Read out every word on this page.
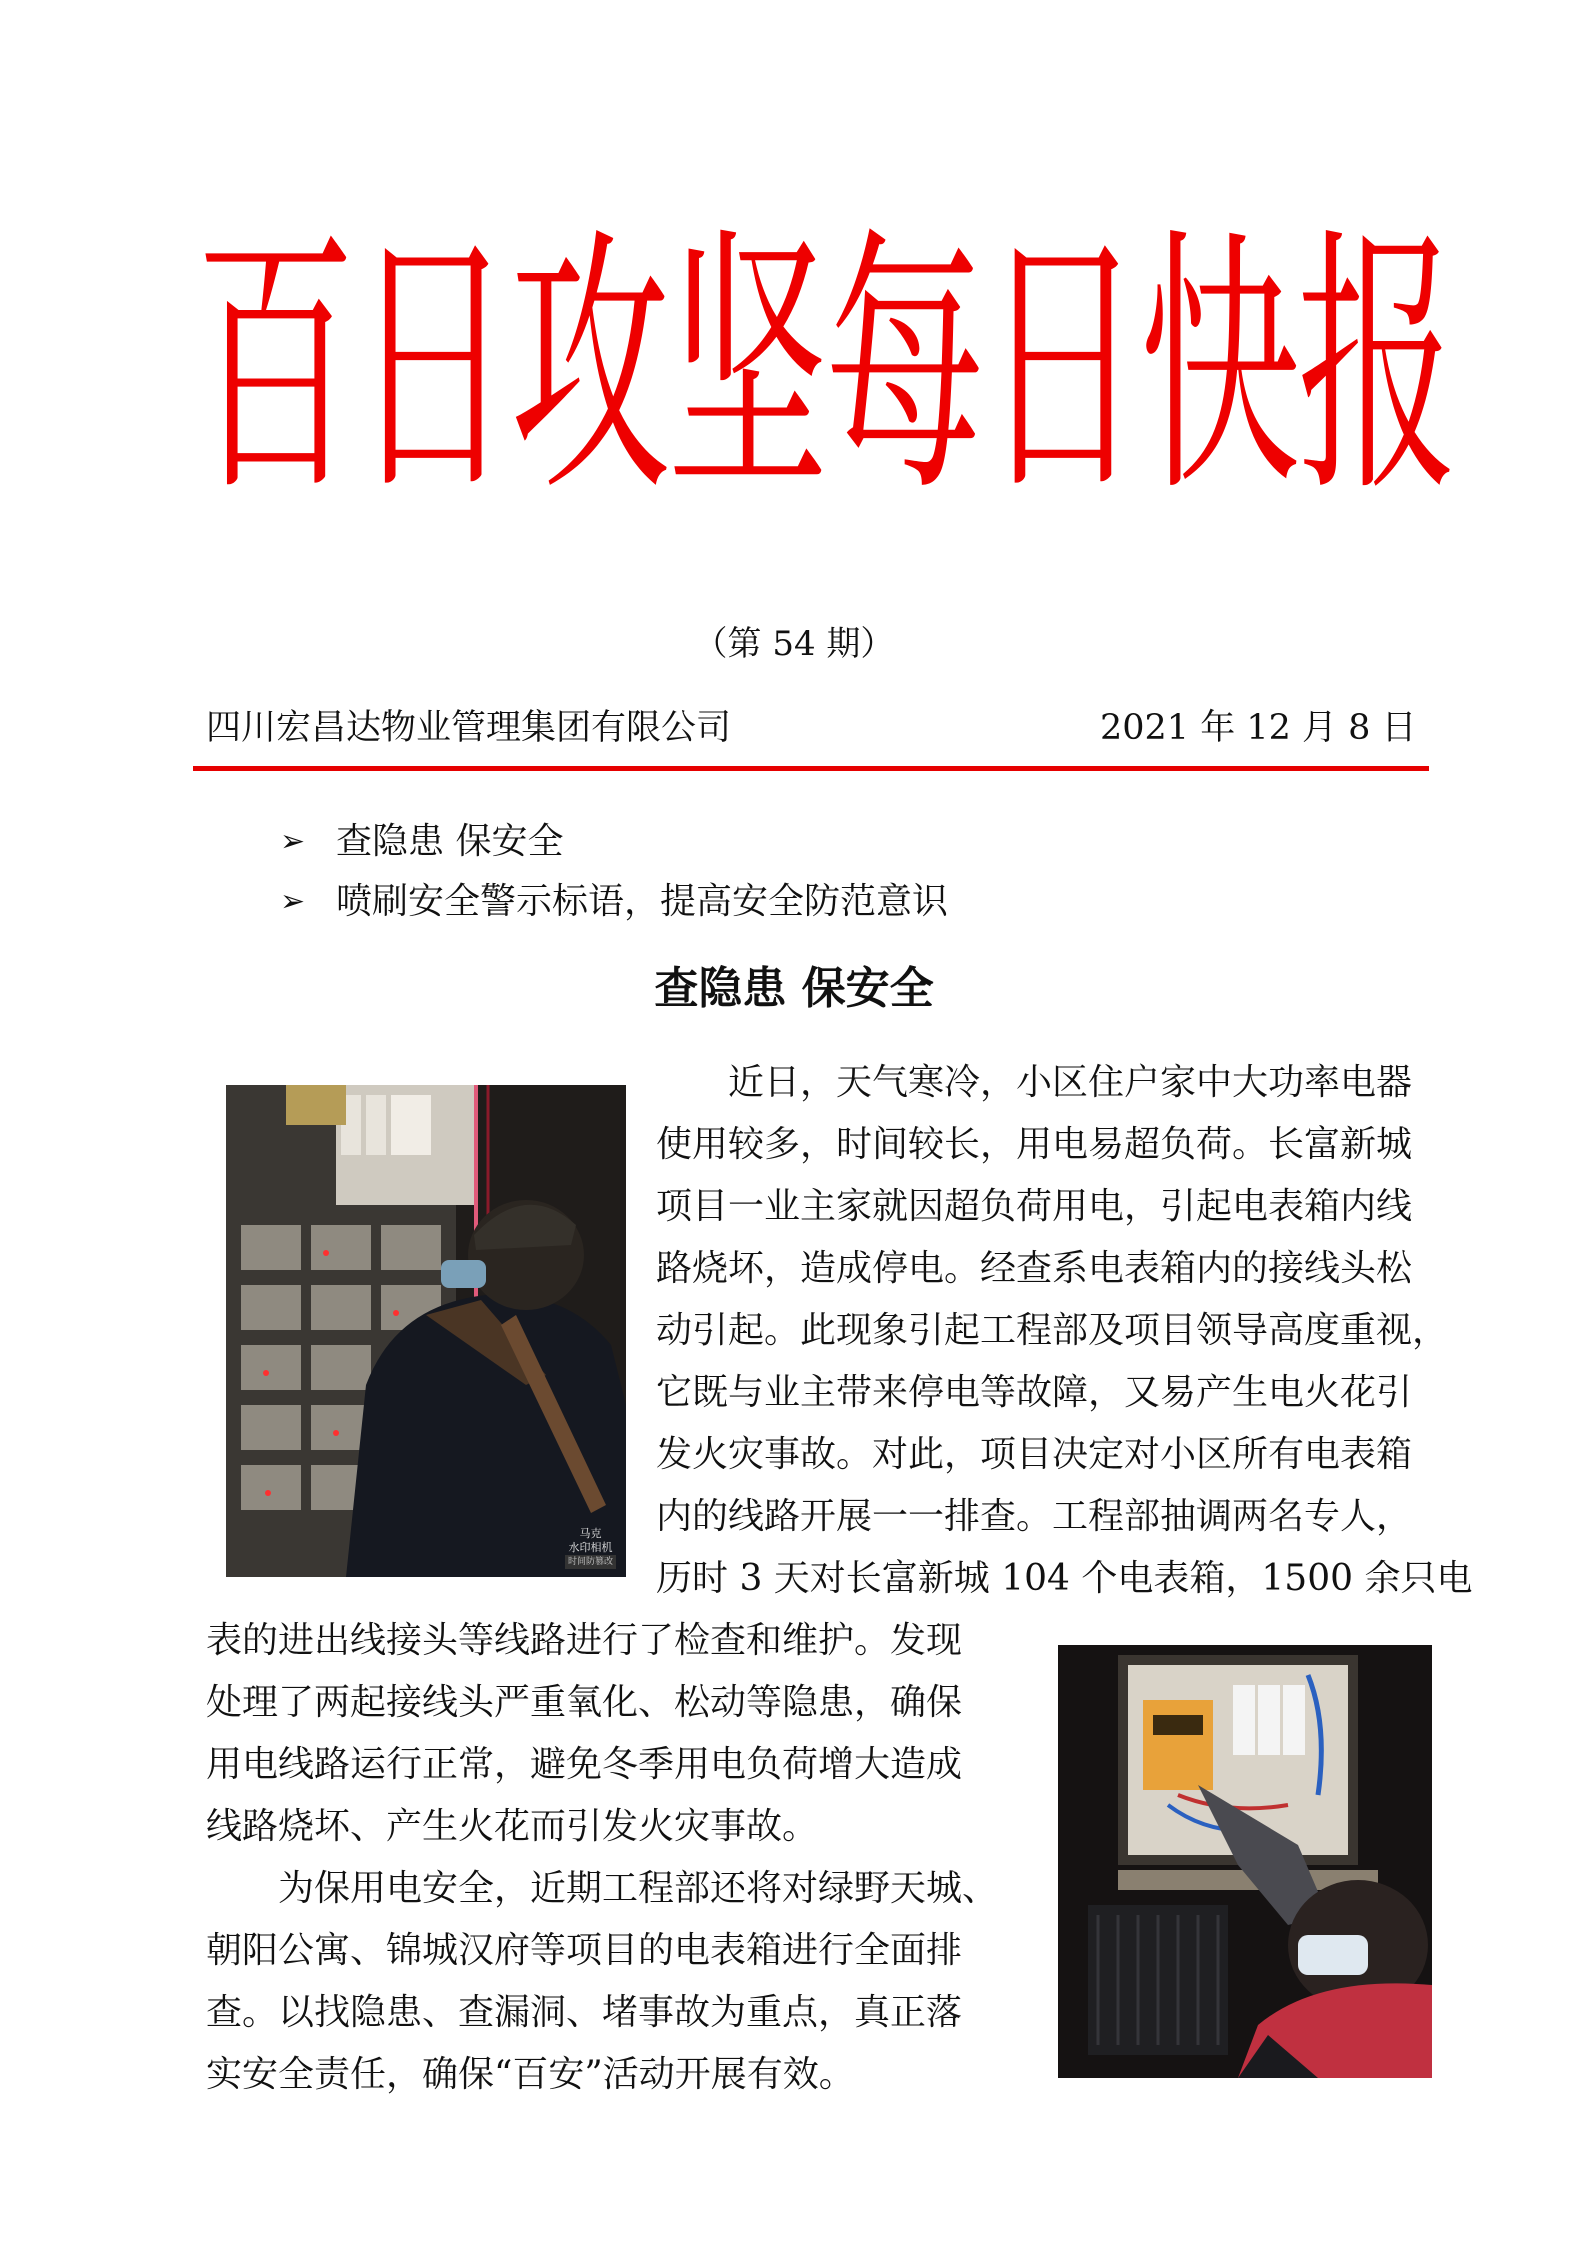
百日攻坚每日快报
（第 54 期）
四川宏昌达物业管理集团有限公司	2021 年 12 月 8 日
➢ 查隐患 保安全
➢ 喷刷安全警示标语，提高安全防范意识
查隐患 保安全
马克
水印相机
时间防篡改

近日，天气寒冷，小区住户家中大功率电器

使用较多，时间较长，用电易超负荷。长富新城

项目一业主家就因超负荷用电，引起电表箱内线

路烧坏，造成停电。经查系电表箱内的接线头松

动引起。此现象引起工程部及项目领导高度重视，

它既与业主带来停电等故障，又易产生电火花引

发火灾事故。对此，项目决定对小区所有电表箱

内的线路开展一一排查。工程部抽调两名专人，

历时 3 天对长富新城 104 个电表箱，1500 余只电

表的进出线接头等线路进行了检查和维护。发现

处理了两起接线头严重氧化、松动等隐患，确保

用电线路运行正常，避免冬季用电负荷增大造成

线路烧坏、产生火花而引发火灾事故。

为保用电安全，近期工程部还将对绿野天城、

朝阳公寓、锦城汉府等项目的电表箱进行全面排

查。以找隐患、查漏洞、堵事故为重点，真正落

实安全责任，确保“百安”活动开展有效。
